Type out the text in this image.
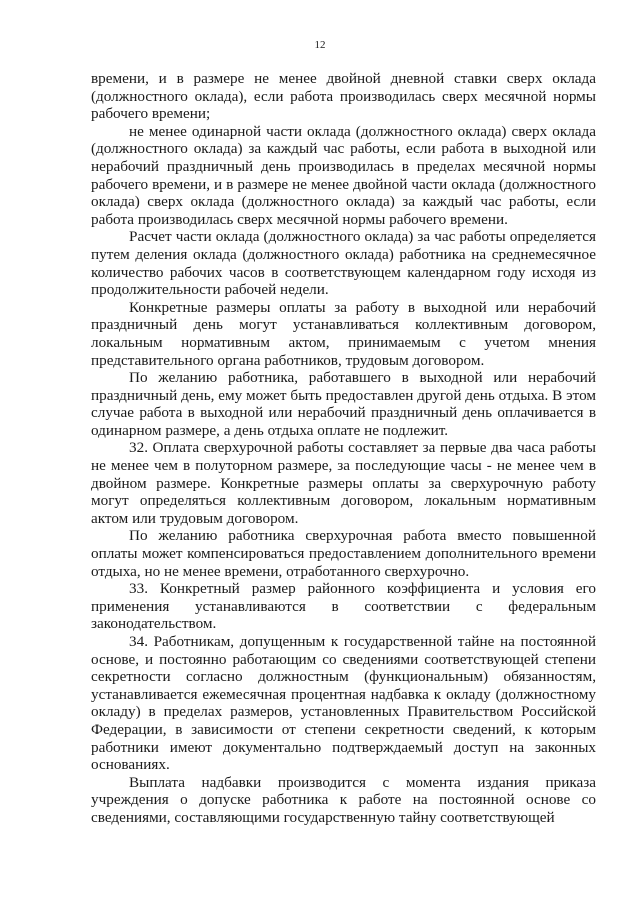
12

времени, и в размере не менее двойной дневной ставки сверх оклада (должностного оклада), если работа производилась сверх месячной нормы рабочего времени;

не менее одинарной части оклада (должностного оклада) сверх оклада (должностного оклада) за каждый час работы, если работа в выходной или нерабочий праздничный день производилась в пределах месячной нормы рабочего времени, и в размере не менее двойной части оклада (должностного оклада) сверх оклада (должностного оклада) за каждый час работы, если работа производилась сверх месячной нормы рабочего времени.

Расчет части оклада (должностного оклада) за час работы определяется путем деления оклада (должностного оклада) работника на среднемесячное количество рабочих часов в соответствующем календарном году исходя из продолжительности рабочей недели.

Конкретные размеры оплаты за работу в выходной или нерабочий праздничный день могут устанавливаться коллективным договором, локальным нормативным актом, принимаемым с учетом мнения представительного органа работников, трудовым договором.

По желанию работника, работавшего в выходной или нерабочий праздничный день, ему может быть предоставлен другой день отдыха. В этом случае работа в выходной или нерабочий праздничный день оплачивается в одинарном размере, а день отдыха оплате не подлежит.

32. Оплата сверхурочной работы составляет за первые два часа работы не менее чем в полуторном размере, за последующие часы - не менее чем в двойном размере. Конкретные размеры оплаты за сверхурочную работу могут определяться коллективным договором, локальным нормативным актом или трудовым договором.

По желанию работника сверхурочная работа вместо повышенной оплаты может компенсироваться предоставлением дополнительного времени отдыха, но не менее времени, отработанного сверхурочно.

33. Конкретный размер районного коэффициента и условия его применения устанавливаются в соответствии с федеральным законодательством.

34. Работникам, допущенным к государственной тайне на постоянной основе, и постоянно работающим со сведениями соответствующей степени секретности согласно должностным (функциональным) обязанностям, устанавливается ежемесячная процентная надбавка к окладу (должностному окладу) в пределах размеров, установленных Правительством Российской Федерации, в зависимости от степени секретности сведений, к которым работники имеют документально подтверждаемый доступ на законных основаниях.

Выплата надбавки производится с момента издания приказа учреждения о допуске работника к работе на постоянной основе со сведениями, составляющими государственную тайну соответствующей
